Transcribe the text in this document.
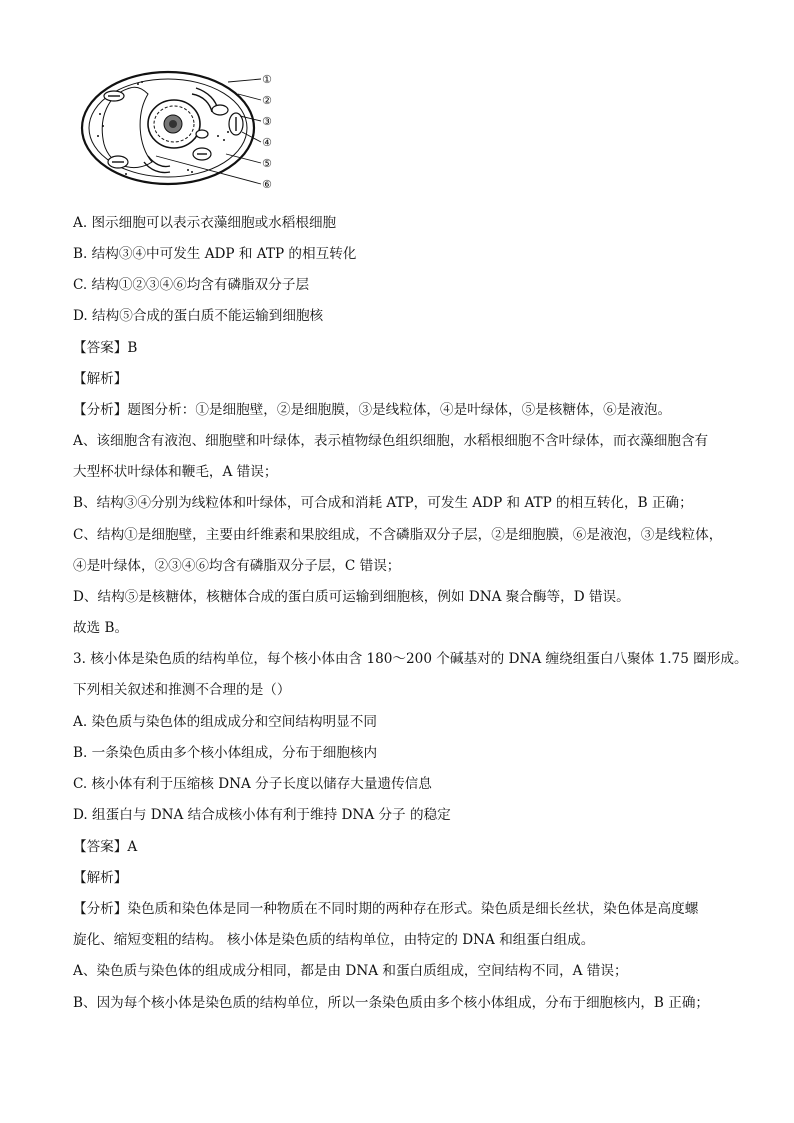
①
②
③
④
⑤
⑥
A. 图示细胞可以表示衣藻细胞或水稻根细胞
B. 结构③④中可发生 ADP 和 ATP 的相互转化
C. 结构①②③④⑥均含有磷脂双分子层
D. 结构⑤合成的蛋白质不能运输到细胞核
【答案】B
【解析】
【分析】题图分析：①是细胞壁，②是细胞膜，③是线粒体，④是叶绿体，⑤是核糖体，⑥是液泡。
A、该细胞含有液泡、细胞壁和叶绿体，表示植物绿色组织细胞，水稻根细胞不含叶绿体，而衣藻细胞含有
大型杯状叶绿体和鞭毛，A 错误；
B、结构③④分别为线粒体和叶绿体，可合成和消耗 ATP，可发生 ADP 和 ATP 的相互转化，B 正确；
C、结构①是细胞壁，主要由纤维素和果胶组成，不含磷脂双分子层，②是细胞膜，⑥是液泡，③是线粒体，
④是叶绿体，②③④⑥均含有磷脂双分子层，C 错误；
D、结构⑤是核糖体，核糖体合成的蛋白质可运输到细胞核，例如 DNA 聚合酶等，D 错误。
故选 B。
3. 核小体是染色质的结构单位，每个核小体由含 180～200 个碱基对的 DNA 缠绕组蛋白八聚体 1.75 圈形成。
下列相关叙述和推测不合理的是（）
A. 染色质与染色体的组成成分和空间结构明显不同
B. 一条染色质由多个核小体组成，分布于细胞核内
C. 核小体有利于压缩核 DNA 分子长度以储存大量遗传信息
D. 组蛋白与 DNA 结合成核小体有利于维持 DNA 分子 的稳定
【答案】A
【解析】
【分析】染色质和染色体是同一种物质在不同时期的两种存在形式。染色质是细长丝状，染色体是高度螺
旋化、缩短变粗的结构。 核小体是染色质的结构单位，由特定的 DNA 和组蛋白组成。
A、染色质与染色体的组成成分相同，都是由 DNA 和蛋白质组成，空间结构不同，A 错误；
B、因为每个核小体是染色质的结构单位，所以一条染色质由多个核小体组成，分布于细胞核内，B 正确；
